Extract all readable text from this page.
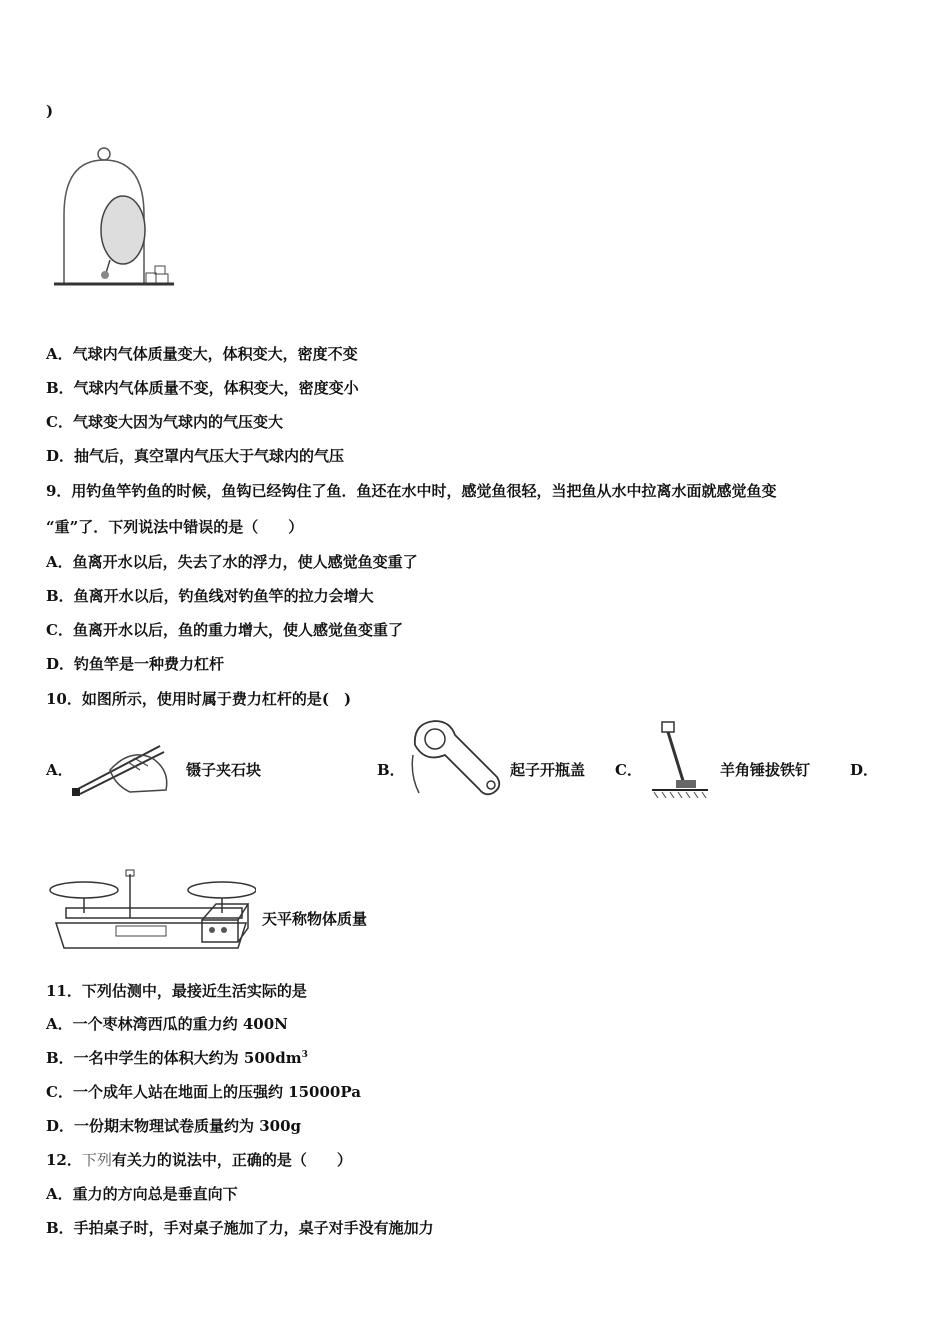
)
A．气球内气体质量变大，体积变大，密度不变
B．气球内气体质量不变，体积变大，密度变小
C．气球变大因为气球内的气压变大
D．抽气后，真空罩内气压大于气球内的气压
9．用钓鱼竿钓鱼的时候，鱼钩已经钩住了鱼．鱼还在水中时，感觉鱼很轻，当把鱼从水中拉离水面就感觉鱼变
“重”了．下列说法中错误的是（　　）
A．鱼离开水以后，失去了水的浮力，使人感觉鱼变重了
B．鱼离开水以后，钓鱼线对钓鱼竿的拉力会增大
C．鱼离开水以后，鱼的重力增大，使人感觉鱼变重了
D．钓鱼竿是一种费力杠杆
10．如图所示，使用时属于费力杠杆的是(　)
A．	镊子夹石块	B．	起子开瓶盖 C．	羊角锤拔铁钉	D．
天平称物体质量
11．下列估测中，最接近生活实际的是
A．一个枣林湾西瓜的重力约 400N
B．一名中学生的体积大约为 $500dm^3$
C．一个成年人站在地面上的压强约 15000Pa
D．一份期末物理试卷质量约为 300g
12．下列有关力的说法中，正确的是（　　）
A．重力的方向总是垂直向下
B．手拍桌子时，手对桌子施加了力，桌子对手没有施加力
